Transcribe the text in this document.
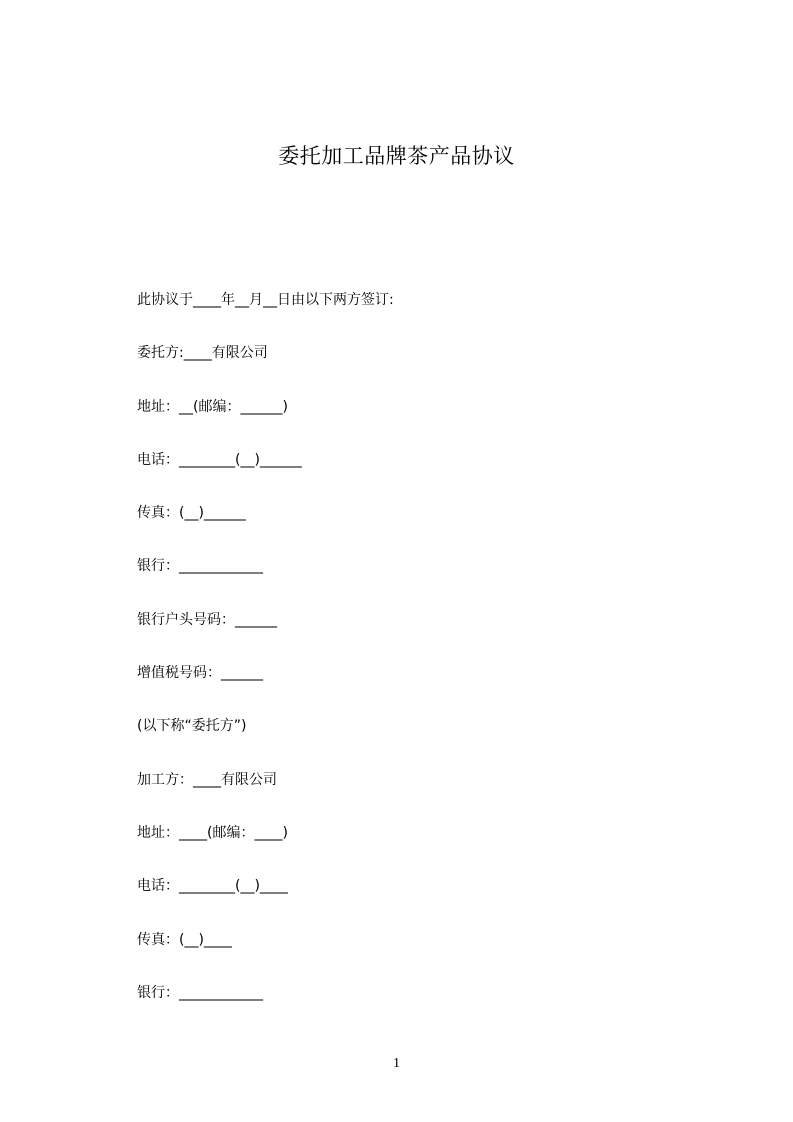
委托加工品牌茶产品协议
此协议于____年__月__日由以下两方签订:
委托方:____有限公司
地址：__(邮编：______)
电话：________(__)______
传真：(__)______
银行：____________
银行户头号码：______
增值税号码：______
(以下称“委托方”)
加工方：____有限公司
地址：____(邮编：____)
电话：________(__)____
传真：(__)____
银行：____________
1
